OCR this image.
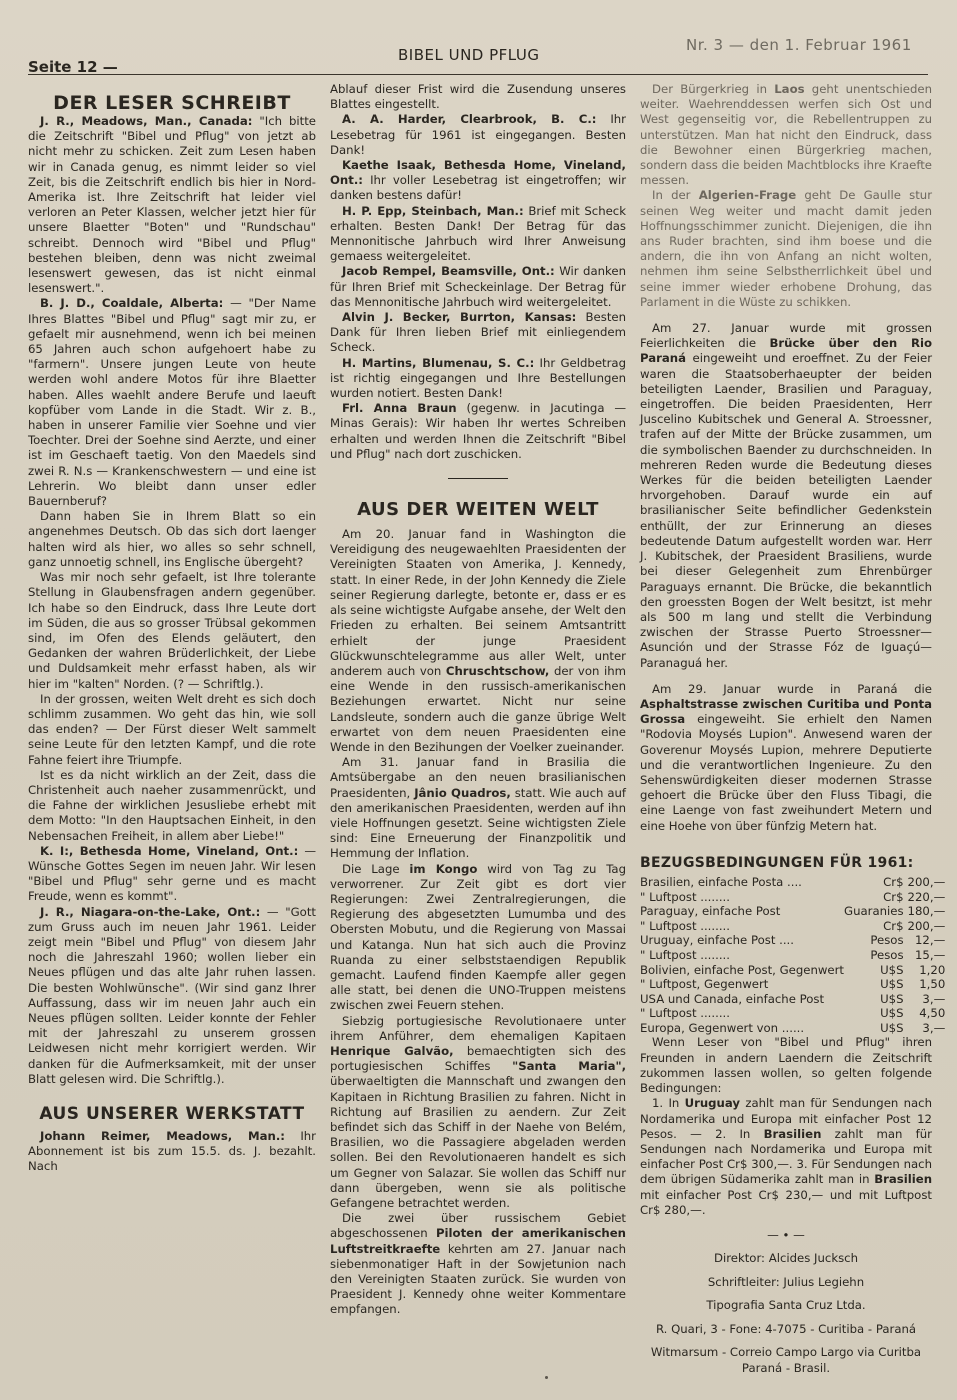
Seite 12 —
BIBEL UND PFLUG
Nr. 3 — den 1. Februar 1961
DER LESER SCHREIBT

J. R., Meadows, Man., Canada: "Ich bitte die Zeitschrift "Bibel und Pflug" von jetzt ab nicht mehr zu schicken. Zeit zum Lesen haben wir in Canada genug, es nimmt leider so viel Zeit, bis die Zeitschrift endlich bis hier in Nord-Amerika ist. Ihre Zeitschrift hat leider viel verloren an Peter Klassen, welcher jetzt hier für unsere Blaetter "Boten" und "Rundschau" schreibt. Dennoch wird "Bibel und Pflug" bestehen bleiben, denn was nicht zweimal lesenswert gewesen, das ist nicht einmal lesenswert.".

B. J. D., Coaldale, Alberta: — "Der Name Ihres Blattes "Bibel und Pflug" sagt mir zu, er gefaelt mir ausnehmend, wenn ich bei meinen 65 Jahren auch schon aufgehoert habe zu "farmern". Unsere jungen Leute von heute werden wohl andere Motos für ihre Blaetter haben. Alles waehlt andere Berufe und laeuft kopfüber vom Lande in die Stadt. Wir z. B., haben in unserer Familie vier Soehne und vier Toechter. Drei der Soehne sind Aerzte, und einer ist im Geschaeft taetig. Von den Maedels sind zwei R. N.s — Krankenschwestern — und eine ist Lehrerin. Wo bleibt dann unser edler Bauernberuf?

Dann haben Sie in Ihrem Blatt so ein angenehmes Deutsch. Ob das sich dort laenger halten wird als hier, wo alles so sehr schnell, ganz unnoetig schnell, ins Englische übergeht?

Was mir noch sehr gefaelt, ist Ihre tolerante Stellung in Glaubensfragen andern gegenüber. Ich habe so den Eindruck, dass Ihre Leute dort im Süden, die aus so grosser Trübsal gekommen sind, im Ofen des Elends geläutert, den Gedanken der wahren Brüderlichkeit, der Liebe und Duldsamkeit mehr erfasst haben, als wir hier im "kalten" Norden. (? — Schriftlg.).

In der grossen, weiten Welt dreht es sich doch schlimm zusammen. Wo geht das hin, wie soll das enden? — Der Fürst dieser Welt sammelt seine Leute für den letzten Kampf, und die rote Fahne feiert ihre Triumpfe.

Ist es da nicht wirklich an der Zeit, dass die Christenheit auch naeher zusammenrückt, und die Fahne der wirklichen Jesusliebe erhebt mit dem Motto: "In den Hauptsachen Einheit, in den Nebensachen Freiheit, in allem aber Liebe!"

K. I:, Bethesda Home, Vineland, Ont.: — Wünsche Gottes Segen im neuen Jahr. Wir lesen "Bibel und Pflug" sehr gerne und es macht Freude, wenn es kommt".

J. R., Niagara-on-the-Lake, Ont.: — "Gott zum Gruss auch im neuen Jahr 1961. Leider zeigt mein "Bibel und Pflug" von diesem Jahr noch die Jahreszahl 1960; wollen lieber ein Neues pflügen und das alte Jahr ruhen lassen. Die besten Wohlwünsche". (Wir sind ganz Ihrer Auffassung, dass wir im neuen Jahr auch ein Neues pflügen sollten. Leider konnte der Fehler mit der Jahreszahl zu unserem grossen Leidwesen nicht mehr korrigiert werden. Wir danken für die Aufmerksamkeit, mit der unser Blatt gelesen wird. Die Schriftlg.).

AUS UNSERER WERKSTATT

Johann Reimer, Meadows, Man.: Ihr Abonnement ist bis zum 15.5. ds. J. bezahlt. Nach

Ablauf dieser Frist wird die Zusendung unseres Blattes eingestellt.

A. A. Harder, Clearbrook, B. C.: Ihr Lesebetrag für 1961 ist eingegangen. Besten Dank!

Kaethe Isaak, Bethesda Home, Vineland, Ont.: Ihr voller Lesebetrag ist eingetroffen; wir danken bestens dafür!

H. P. Epp, Steinbach, Man.: Brief mit Scheck erhalten. Besten Dank! Der Betrag für das Mennonitische Jahrbuch wird Ihrer Anweisung gemaess weitergeleitet.

Jacob Rempel, Beamsville, Ont.: Wir danken für Ihren Brief mit Scheckeinlage. Der Betrag für das Mennonitische Jahrbuch wird weitergeleitet.

Alvin J. Becker, Burrton, Kansas: Besten Dank für Ihren lieben Brief mit einliegendem Scheck.

H. Martins, Blumenau, S. C.: Ihr Geldbetrag ist richtig eingegangen und Ihre Bestellungen wurden notiert. Besten Dank!

Frl. Anna Braun (gegenw. in Jacutinga — Minas Gerais): Wir haben Ihr wertes Schreiben erhalten und werden Ihnen die Zeitschrift "Bibel und Pflug" nach dort zuschicken.

AUS DER WEITEN WELT

Am 20. Januar fand in Washington die Vereidigung des neugewaehlten Praesidenten der Vereinigten Staaten von Amerika, J. Kennedy, statt. In einer Rede, in der John Kennedy die Ziele seiner Regierung darlegte, betonte er, dass er es als seine wichtigste Aufgabe ansehe, der Welt den Frieden zu erhalten. Bei seinem Amtsantritt erhielt der junge Praesident Glückwunschtelegramme aus aller Welt, unter anderem auch von Chruschtschow, der von ihm eine Wende in den russisch-amerikanischen Beziehungen erwartet. Nicht nur seine Landsleute, sondern auch die ganze übrige Welt erwartet von dem neuen Praesidenten eine Wende in den Bezihungen der Voelker zueinander.

Am 31. Januar fand in Brasilia die Amtsübergabe an den neuen brasilianischen Praesidenten, Jânio Quadros, statt. Wie auch auf den amerikanischen Praesidenten, werden auf ihn viele Hoffnungen gesetzt. Seine wichtigsten Ziele sind: Eine Erneuerung der Finanzpolitik und Hemmung der Inflation.

Die Lage im Kongo wird von Tag zu Tag verworrener. Zur Zeit gibt es dort vier Regierungen: Zwei Zentralregierungen, die Regierung des abgesetzten Lumumba und des Obersten Mobutu, und die Regierung von Massai und Katanga. Nun hat sich auch die Provinz Ruanda zu einer selbststaendigen Republik gemacht. Laufend finden Kaempfe aller gegen alle statt, bei denen die UNO-Truppen meistens zwischen zwei Feuern stehen.

Siebzig portugiesische Revolutionaere unter ihrem Anführer, dem ehemaligen Kapitaen Henrique Galvão, bemaechtigten sich des portugiesischen Schiffes "Santa Maria", überwaeltigten die Mannschaft und zwangen den Kapitaen in Richtung Brasilien zu fahren. Nicht in Richtung auf Brasilien zu aendern. Zur Zeit befindet sich das Schiff in der Naehe von Belém, Brasilien, wo die Passagiere abgeladen werden sollen. Bei den Revolutionaeren handelt es sich um Gegner von Salazar. Sie wollen das Schiff nur dann übergeben, wenn sie als politische Gefangene betrachtet werden.

Die zwei über russischem Gebiet abgeschossenen Piloten der amerikanischen Luftstreitkraefte kehrten am 27. Januar nach siebenmonatiger Haft in der Sowjetunion nach den Vereinigten Staaten zurück. Sie wurden von Praesident J. Kennedy ohne weiter Kommentare empfangen.

Der Bürgerkrieg in Laos geht unentschieden weiter. Waehrenddessen werfen sich Ost und West gegenseitig vor, die Rebellentruppen zu unterstützen. Man hat nicht den Eindruck, dass die Bewohner einen Bürgerkrieg machen, sondern dass die beiden Machtblocks ihre Kraefte messen.

In der Algerien-Frage geht De Gaulle stur seinen Weg weiter und macht damit jeden Hoffnungsschimmer zunicht. Diejenigen, die ihn ans Ruder brachten, sind ihm boese und die andern, die ihn von Anfang an nicht wolten, nehmen ihm seine Selbstherrlichkeit übel und seine immer wieder erhobene Drohung, das Parlament in die Wüste zu schikken.

Am 27. Januar wurde mit grossen Feierlichkeiten die Brücke über den Rio Paraná eingeweiht und eroeffnet. Zu der Feier waren die Staatsoberhaeupter der beiden beteiligten Laender, Brasilien und Paraguay, eingetroffen. Die beiden Praesidenten, Herr Juscelino Kubitschek und General A. Stroessner, trafen auf der Mitte der Brücke zusammen, um die symbolischen Baender zu durchschneiden. In mehreren Reden wurde die Bedeutung dieses Werkes für die beiden beteiligten Laender hrvorgehoben. Darauf wurde ein auf brasilianischer Seite befindlicher Gedenkstein enthüllt, der zur Erinnerung an dieses bedeutende Datum aufgestellt worden war. Herr J. Kubitschek, der Praesident Brasiliens, wurde bei dieser Gelegenheit zum Ehrenbürger Paraguays ernannt. Die Brücke, die bekanntlich den groessten Bogen der Welt besitzt, ist mehr als 500 m lang und stellt die Verbindung zwischen der Strasse Puerto Stroessner—Asunción und der Strasse Fóz de Iguaçú—Paranaguá her.

Am 29. Januar wurde in Paraná die Asphaltstrasse zwischen Curitiba und Ponta Grossa eingeweiht. Sie erhielt den Namen "Rodovia Moysés Lupion". Anwesend waren der Goverenur Moysés Lupion, mehrere Deputierte und die verantwortlichen Ingenieure. Zu den Sehenswürdigkeiten dieser modernen Strasse gehoert die Brücke über den Fluss Tibagi, die eine Laenge von fast zweihundert Metern und eine Hoehe von über fünfzig Metern hat.

BEZUGSBEDINGUNGEN FÜR 1961:
Brasilien, einfache Posta ....	Cr$	200,—
" Luftpost ........	Cr$	220,—
Paraguay, einfache Post	Guaranies	180,—
" Luftpost ........	Cr$	200,—
Uruguay, einfache Post ....	Pesos	12,—
" Luftpost ........	Pesos	15,—
Bolivien, einfache Post, Gegenwert	U$S	1,20
" Luftpost, Gegenwert	U$S	1,50
USA und Canada, einfache Post	U$S	3,—
" Luftpost ........	U$S	4,50
Europa, Gegenwert von ......	U$S	3,—

Wenn Leser von "Bibel und Pflug" ihren Freunden in andern Laendern die Zeitschrift zukommen lassen wollen, so gelten folgende Bedingungen:

1. In Uruguay zahlt man für Sendungen nach Nordamerika und Europa mit einfacher Post 12 Pesos. — 2. In Brasilien zahlt man für Sendungen nach Nordamerika und Europa mit einfacher Post Cr$ 300,—. 3. Für Sendungen nach dem übrigen Südamerika zahlt man in Brasilien mit einfacher Post Cr$ 230,— und mit Luftpost Cr$ 280,—.

— • —
Direktor: Alcides Jucksch
Schriftleiter: Julius Legiehn
Tipografia Santa Cruz Ltda.
R. Quari, 3 - Fone: 4-7075 - Curitiba - Paraná
Witmarsum - Correio Campo Largo via Curitba
Paraná - Brasil.
